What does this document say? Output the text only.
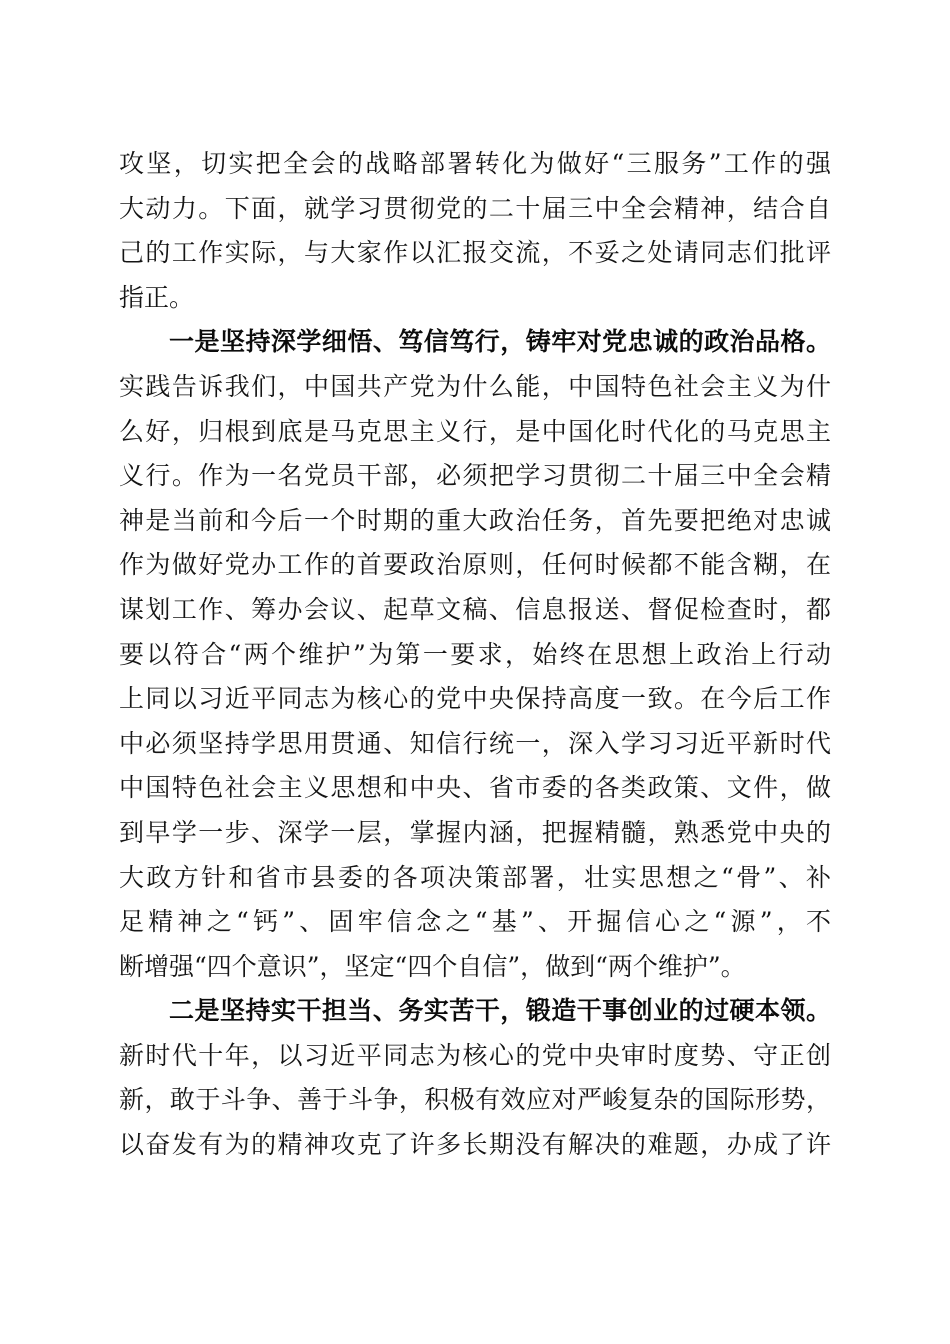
攻坚，切实把全会的战略部署转化为做好“三服务”工作的强
大动力。下面，就学习贯彻党的二十届三中全会精神，结合自
己的工作实际，与大家作以汇报交流，不妥之处请同志们批评
指正。
一是坚持深学细悟、笃信笃行，铸牢对党忠诚的政治品格。
实践告诉我们，中国共产党为什么能，中国特色社会主义为什
么好，归根到底是马克思主义行，是中国化时代化的马克思主
义行。作为一名党员干部，必须把学习贯彻二十届三中全会精
神是当前和今后一个时期的重大政治任务，首先要把绝对忠诚
作为做好党办工作的首要政治原则，任何时候都不能含糊，在
谋划工作、筹办会议、起草文稿、信息报送、督促检查时，都
要以符合“两个维护”为第一要求，始终在思想上政治上行动
上同以习近平同志为核心的党中央保持高度一致。在今后工作
中必须坚持学思用贯通、知信行统一，深入学习习近平新时代
中国特色社会主义思想和中央、省市委的各类政策、文件，做
到早学一步、深学一层，掌握内涵，把握精髓，熟悉党中央的
大政方针和省市县委的各项决策部署，壮实思想之“骨”、补
足精神之“钙”、固牢信念之“基”、开掘信心之“源”，不
断增强“四个意识”，坚定“四个自信”，做到“两个维护”。
二是坚持实干担当、务实苦干，锻造干事创业的过硬本领。
新时代十年，以习近平同志为核心的党中央审时度势、守正创
新，敢于斗争、善于斗争，积极有效应对严峻复杂的国际形势，
以奋发有为的精神攻克了许多长期没有解决的难题，办成了许
